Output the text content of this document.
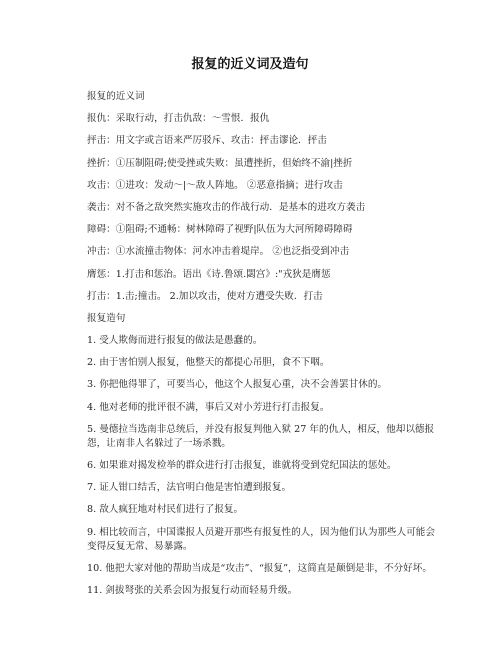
报复的近义词及造句
报复的近义词
报仇：采取行动，打击仇敌：～雪恨．报仇
抨击：用文字或言语来严厉驳斥、攻击：抨击谬论．抨击
挫折：①压制阻碍;使受挫或失败：虽遭挫折，但始终不渝|挫折
攻击：①进攻：发动～|～敌人阵地。 ②恶意指摘；进行攻击
袭击：对不备之敌突然实施攻击的作战行动．是基本的进攻方袭击
障碍：①阻碍;不通畅：树林障碍了视野|队伍为大河所障碍障碍
冲击：①水流撞击物体：河水冲击着堤岸。 ②也泛指受到冲击
膺惩：1.打击和惩治。语出《诗.鲁颂.閟宫》:"戎狄是膺惩
打击：1.击;撞击。 2.加以攻击，使对方遭受失败．打击
报复造句
1. 受人欺侮而进行报复的做法是愚蠢的。
2. 由于害怕别人报复，他整天的都提心吊胆，食不下咽。
3. 你把他得罪了，可要当心，他这个人报复心重，决不会善罢甘休的。
4. 他对老师的批评很不满，事后又对小芳进行打击报复。
5. 曼德拉当选南非总统后，并没有报复判他入狱 27 年的仇人，相反，他却以德报怨，让南非人名躲过了一场杀戮。
6. 如果谁对揭发检举的群众进行打击报复，谁就将受到党纪国法的惩处。
7. 证人钳口结舌，法官明白他是害怕遭到报复。
8. 敌人疯狂地对村民们进行了报复。
9. 相比较而言，中国谍报人员避开那些有报复性的人，因为他们认为那些人可能会变得反复无常、易暴露。
10. 他把大家对他的帮助当成是“攻击”、“报复”，这简直是颠倒是非，不分好坏。
11. 剑拔弩张的关系会因为报复行动而轻易升级。
